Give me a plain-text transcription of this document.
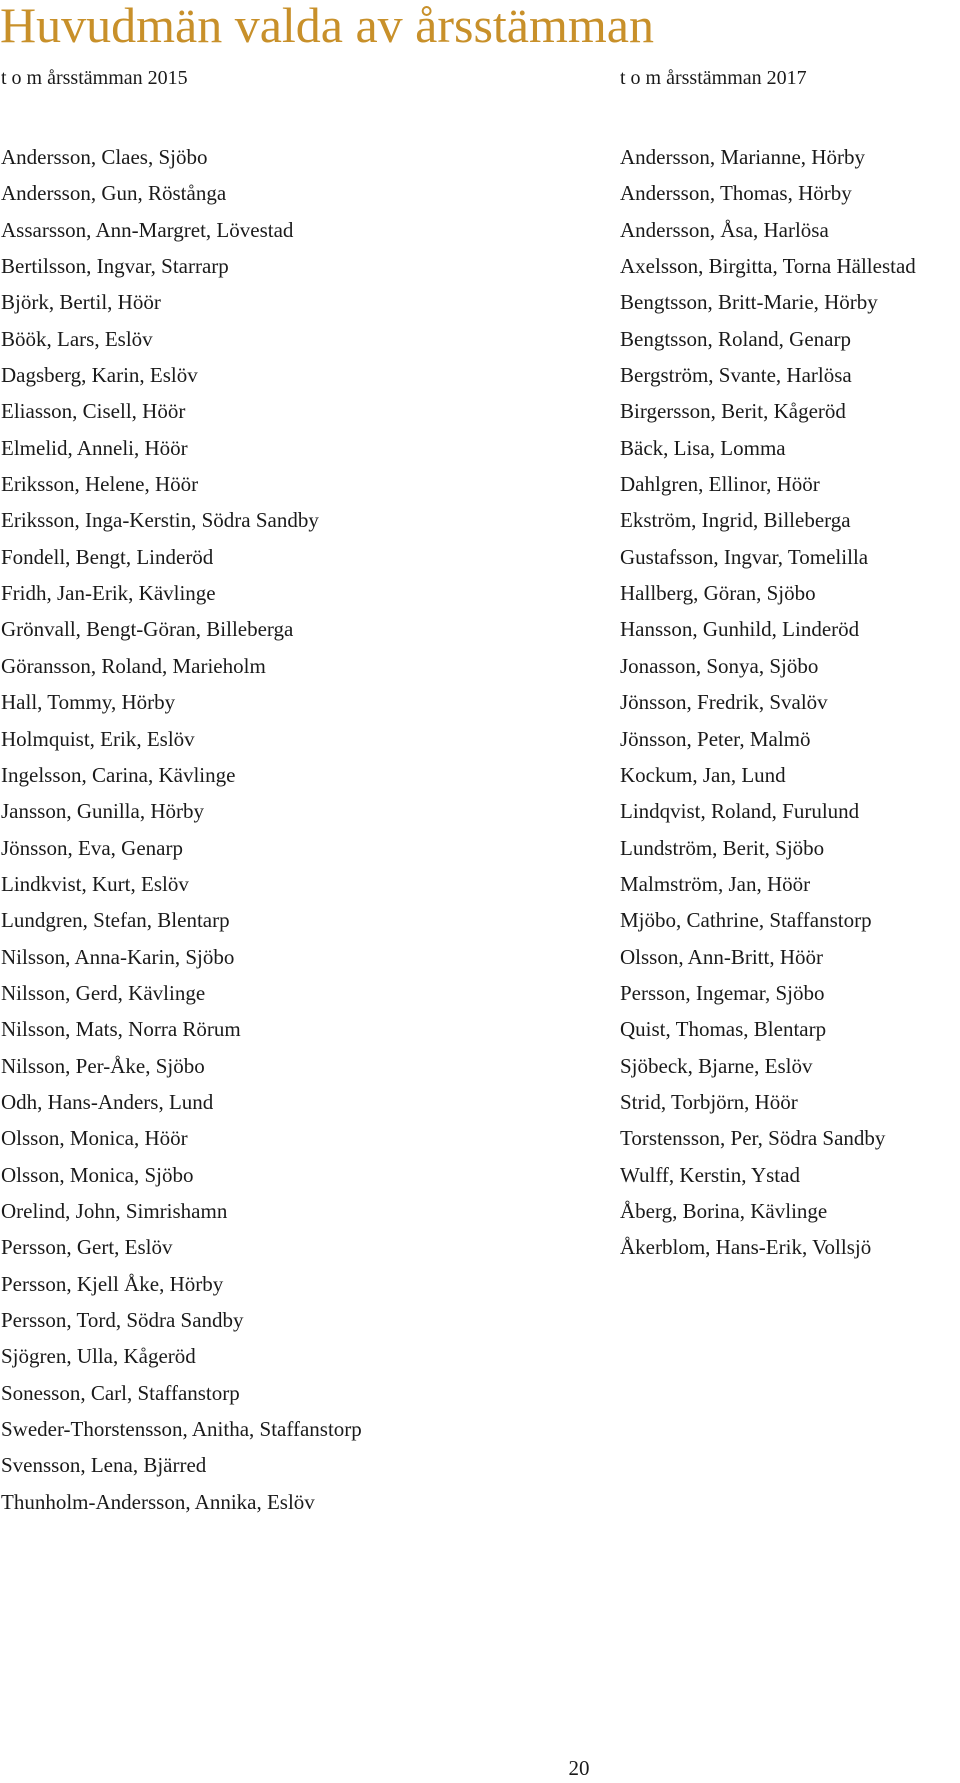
Huvudmän valda av årsstämman
t o m årsstämman 2015	t o m årsstämman 2017
Andersson, Claes, Sjöbo
Andersson, Gun, Röstånga
Assarsson, Ann-Margret, Lövestad
Bertilsson, Ingvar, Starrarp
Björk, Bertil, Höör
Böök, Lars, Eslöv
Dagsberg, Karin, Eslöv
Eliasson, Cisell, Höör
Elmelid, Anneli, Höör
Eriksson, Helene, Höör
Eriksson, Inga-Kerstin, Södra Sandby
Fondell, Bengt, Linderöd
Fridh, Jan-Erik, Kävlinge
Grönvall, Bengt-Göran, Billeberga
Göransson, Roland, Marieholm
Hall, Tommy, Hörby
Holmquist, Erik, Eslöv
Ingelsson, Carina, Kävlinge
Jansson, Gunilla, Hörby
Jönsson, Eva, Genarp
Lindkvist, Kurt, Eslöv
Lundgren, Stefan, Blentarp
Nilsson, Anna-Karin, Sjöbo
Nilsson, Gerd, Kävlinge
Nilsson, Mats, Norra Rörum
Nilsson, Per-Åke, Sjöbo
Odh, Hans-Anders, Lund
Olsson, Monica, Höör
Olsson, Monica, Sjöbo
Orelind, John, Simrishamn
Persson, Gert, Eslöv
Persson, Kjell Åke, Hörby
Persson, Tord, Södra Sandby
Sjögren, Ulla, Kågeröd
Sonesson, Carl, Staffanstorp
Sweder-Thorstensson, Anitha, Staffanstorp
Svensson, Lena, Bjärred
Thunholm-Andersson, Annika, Eslöv
Andersson, Marianne, Hörby
Andersson, Thomas, Hörby
Andersson, Åsa, Harlösa
Axelsson, Birgitta, Torna Hällestad
Bengtsson, Britt-Marie, Hörby
Bengtsson, Roland, Genarp
Bergström, Svante, Harlösa
Birgersson, Berit, Kågeröd
Bäck, Lisa, Lomma
Dahlgren, Ellinor, Höör
Ekström, Ingrid, Billeberga
Gustafsson, Ingvar, Tomelilla
Hallberg, Göran, Sjöbo
Hansson, Gunhild, Linderöd
Jonasson, Sonya, Sjöbo
Jönsson, Fredrik, Svalöv
Jönsson, Peter, Malmö
Kockum, Jan, Lund
Lindqvist, Roland, Furulund
Lundström, Berit, Sjöbo
Malmström, Jan, Höör
Mjöbo, Cathrine, Staffanstorp
Olsson, Ann-Britt, Höör
Persson, Ingemar, Sjöbo
Quist, Thomas, Blentarp
Sjöbeck, Bjarne, Eslöv
Strid, Torbjörn, Höör
Torstensson, Per, Södra Sandby
Wulff, Kerstin, Ystad
Åberg, Borina, Kävlinge
Åkerblom, Hans-Erik, Vollsjö
20
